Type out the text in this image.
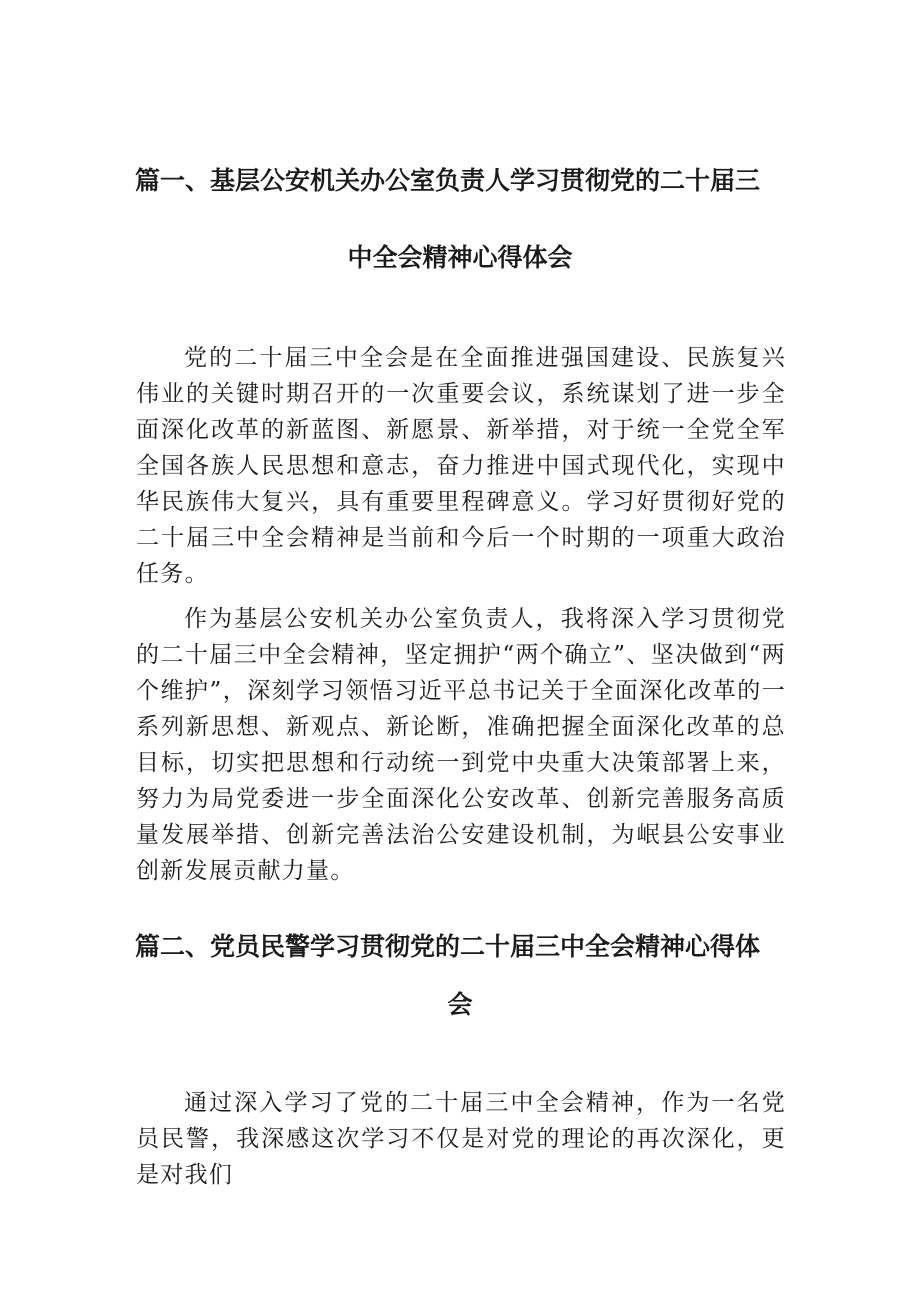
篇一、基层公安机关办公室负责人学习贯彻党的二十届三
中全会精神心得体会

党的二十届三中全会是在全面推进强国建设、民族复兴伟业的关键时期召开的一次重要会议，系统谋划了进一步全面深化改革的新蓝图、新愿景、新举措，对于统一全党全军全国各族人民思想和意志，奋力推进中国式现代化，实现中华民族伟大复兴，具有重要里程碑意义。学习好贯彻好党的二十届三中全会精神是当前和今后一个时期的一项重大政治任务。

作为基层公安机关办公室负责人，我将深入学习贯彻党的二十届三中全会精神，坚定拥护“两个确立”、坚决做到“两个维护”，深刻学习领悟习近平总书记关于全面深化改革的一系列新思想、新观点、新论断，准确把握全面深化改革的总目标，切实把思想和行动统一到党中央重大决策部署上来，努力为局党委进一步全面深化公安改革、创新完善服务高质量发展举措、创新完善法治公安建设机制，为岷县公安事业创新发展贡献力量。

篇二、党员民警学习贯彻党的二十届三中全会精神心得体
会

通过深入学习了党的二十届三中全会精神，作为一名党员民警，我深感这次学习不仅是对党的理论的再次深化，更是对我们
